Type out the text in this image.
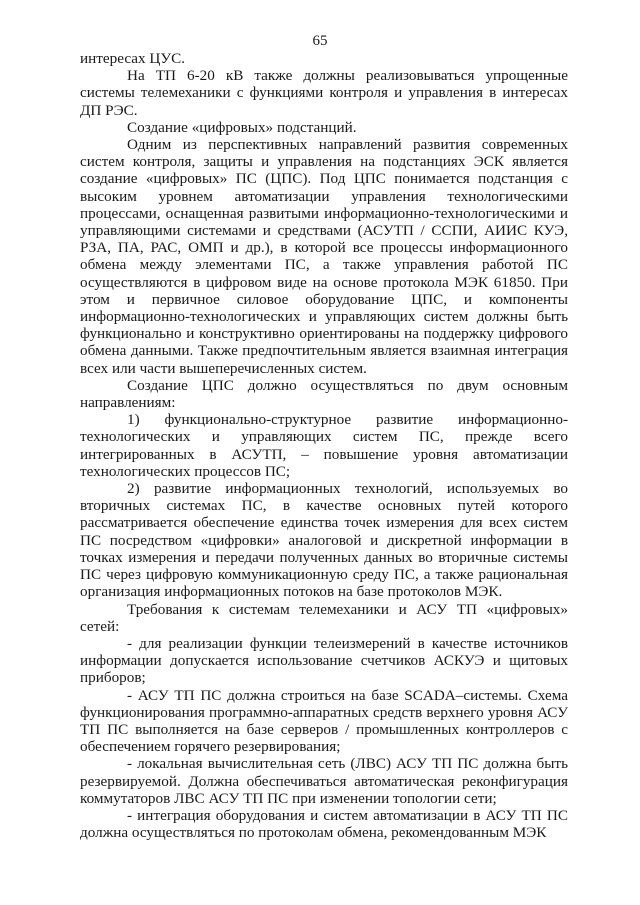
65

интересах ЦУС.

На ТП 6-20 кВ также должны реализовываться упрощенные системы телемеханики с функциями контроля и управления в интересах ДП РЭС.

Создание «цифровых» подстанций.

Одним из перспективных направлений развития современных систем контроля, защиты и управления на подстанциях ЭСК является создание «цифровых» ПС (ЦПС). Под ЦПС понимается подстанция с высоким уровнем автоматизации управления технологическими процессами, оснащенная развитыми информационно-технологическими и управляющими системами и средствами (АСУТП / ССПИ, АИИС КУЭ, РЗА, ПА, РАС, ОМП и др.), в которой все процессы информационного обмена между элементами ПС, а также управления работой ПС осуществляются в цифровом виде на основе протокола МЭК 61850. При этом и первичное силовое оборудование ЦПС, и компоненты информационно-технологических и управляющих систем должны быть функционально и конструктивно ориентированы на поддержку цифрового обмена данными. Также предпочтительным является взаимная интеграция всех или части вышеперечисленных систем.

Создание ЦПС должно осуществляться по двум основным направлениям:

1) функционально-структурное развитие информационно-технологических и управляющих систем ПС, прежде всего интегрированных в АСУТП, – повышение уровня автоматизации технологических процессов ПС;

2) развитие информационных технологий, используемых во вторичных системах ПС, в качестве основных путей которого рассматривается обеспечение единства точек измерения для всех систем ПС посредством «цифровки» аналоговой и дискретной информации в точках измерения и передачи полученных данных во вторичные системы ПС через цифровую коммуникационную среду ПС, а также рациональная организация информационных потоков на базе протоколов МЭК.

Требования к системам телемеханики и АСУ ТП «цифровых» сетей:

- для реализации функции телеизмерений в качестве источников информации допускается использование счетчиков АСКУЭ и щитовых приборов;

- АСУ ТП ПС должна строиться на базе SCADA–системы. Схема функционирования программно-аппаратных средств верхнего уровня АСУ ТП ПС выполняется на базе серверов / промышленных контроллеров с обеспечением горячего резервирования;

- локальная вычислительная сеть (ЛВС) АСУ ТП ПС должна быть резервируемой. Должна обеспечиваться автоматическая реконфигурация коммутаторов ЛВС АСУ ТП ПС при изменении топологии сети;

- интеграция оборудования и систем автоматизации в АСУ ТП ПС должна осуществляться по протоколам обмена, рекомендованным МЭК
